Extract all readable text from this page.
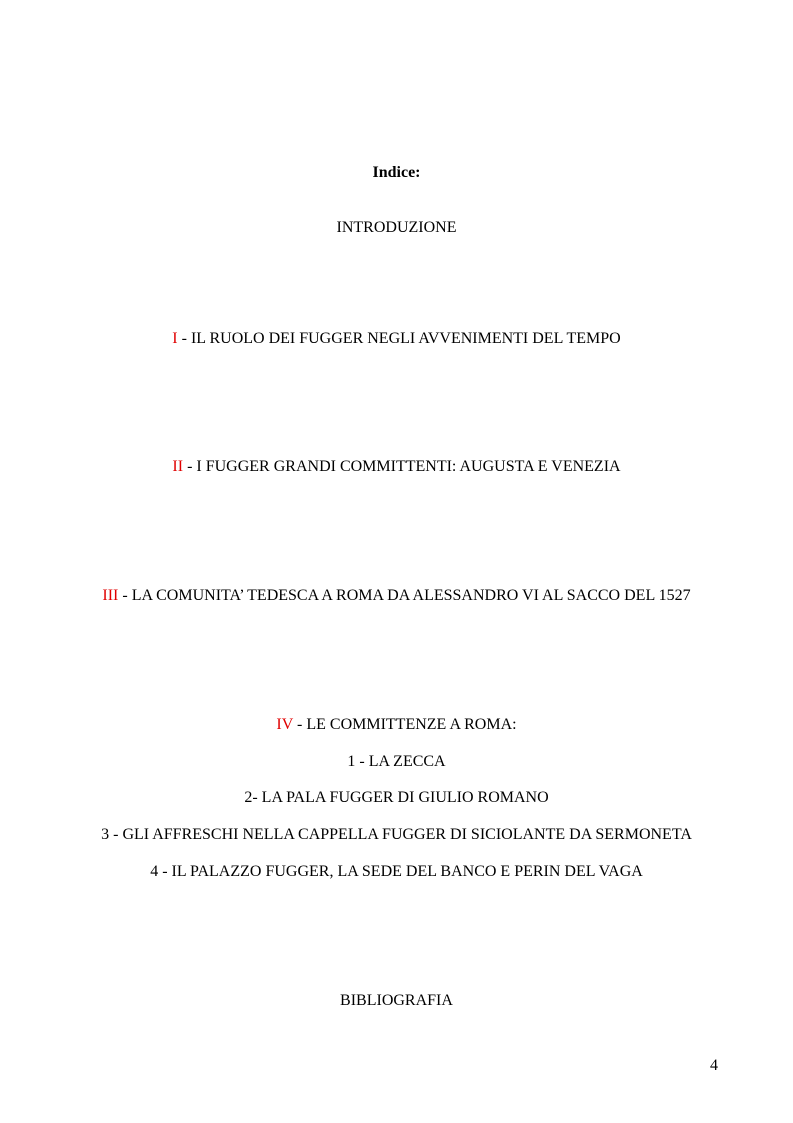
Indice:
INTRODUZIONE
I - IL RUOLO DEI FUGGER NEGLI AVVENIMENTI DEL TEMPO
II - I FUGGER GRANDI COMMITTENTI: AUGUSTA E VENEZIA
III - LA COMUNITA’ TEDESCA A ROMA DA ALESSANDRO VI AL SACCO DEL 1527
IV - LE COMMITTENZE A ROMA:
1 - LA ZECCA
2- LA PALA FUGGER DI GIULIO ROMANO
3 - GLI AFFRESCHI NELLA CAPPELLA FUGGER DI SICIOLANTE DA SERMONETA
4 - IL PALAZZO FUGGER, LA SEDE DEL BANCO E PERIN DEL VAGA
BIBLIOGRAFIA
4
